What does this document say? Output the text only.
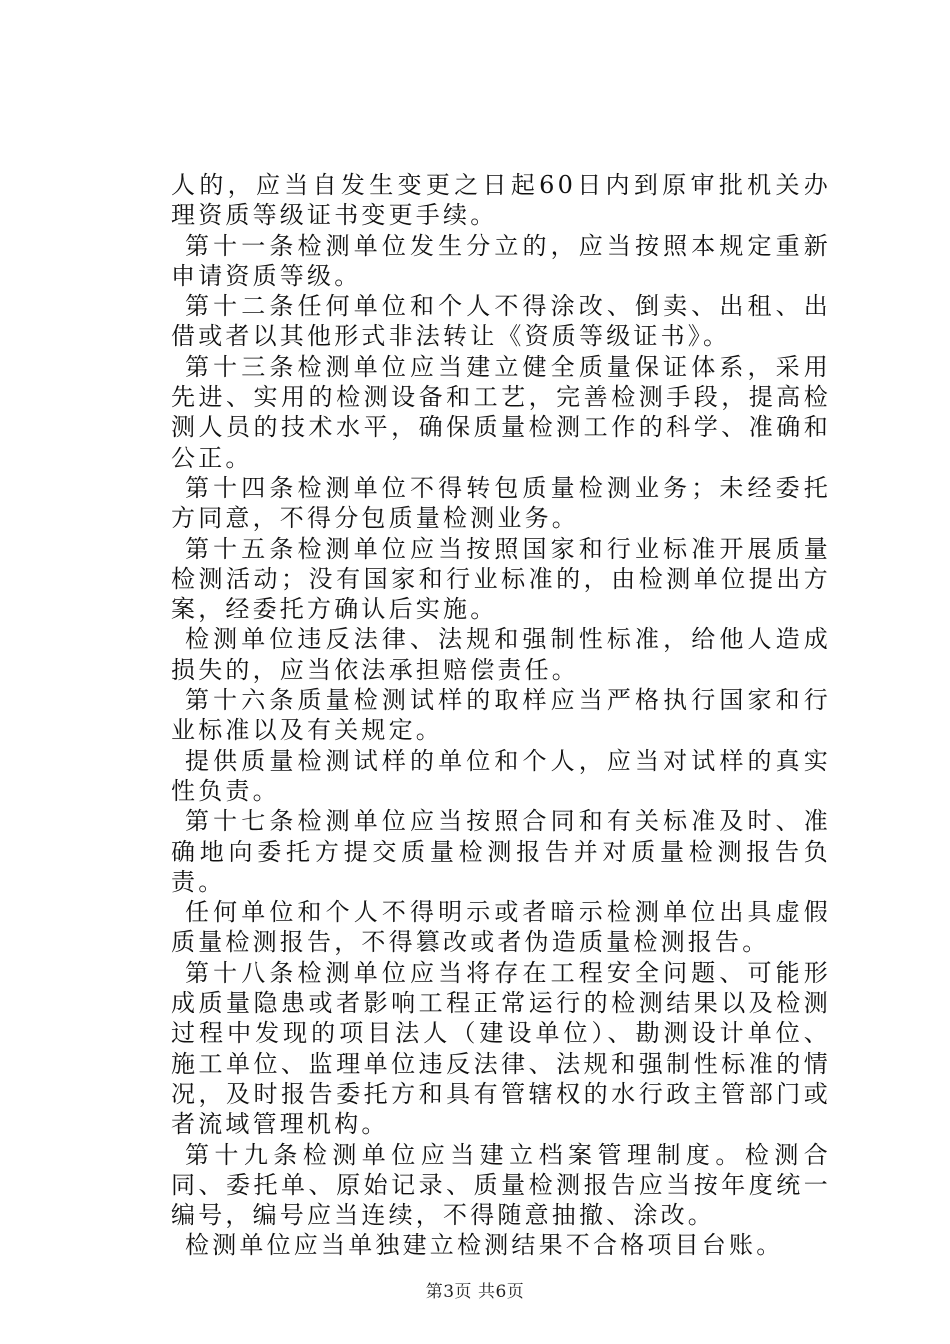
人的，应当自发生变更之日起60日内到原审批机关办理资质等级证书变更手续。

第十一条检测单位发生分立的，应当按照本规定重新申请资质等级。

第十二条任何单位和个人不得涂改、倒卖、出租、出借或者以其他形式非法转让《资质等级证书》。

第十三条检测单位应当建立健全质量保证体系，采用先进、实用的检测设备和工艺，完善检测手段，提高检测人员的技术水平，确保质量检测工作的科学、准确和公正。

第十四条检测单位不得转包质量检测业务；未经委托方同意，不得分包质量检测业务。

第十五条检测单位应当按照国家和行业标准开展质量检测活动；没有国家和行业标准的，由检测单位提出方案，经委托方确认后实施。

检测单位违反法律、法规和强制性标准，给他人造成损失的，应当依法承担赔偿责任。

第十六条质量检测试样的取样应当严格执行国家和行业标准以及有关规定。

提供质量检测试样的单位和个人，应当对试样的真实性负责。

第十七条检测单位应当按照合同和有关标准及时、准确地向委托方提交质量检测报告并对质量检测报告负责。

任何单位和个人不得明示或者暗示检测单位出具虚假质量检测报告，不得篡改或者伪造质量检测报告。

第十八条检测单位应当将存在工程安全问题、可能形成质量隐患或者影响工程正常运行的检测结果以及检测过程中发现的项目法人（建设单位）、勘测设计单位、施工单位、监理单位违反法律、法规和强制性标准的情况，及时报告委托方和具有管辖权的水行政主管部门或者流域管理机构。

第十九条检测单位应当建立档案管理制度。检测合同、委托单、原始记录、质量检测报告应当按年度统一编号，编号应当连续，不得随意抽撤、涂改。

检测单位应当单独建立检测结果不合格项目台账。

第3页 共6页
